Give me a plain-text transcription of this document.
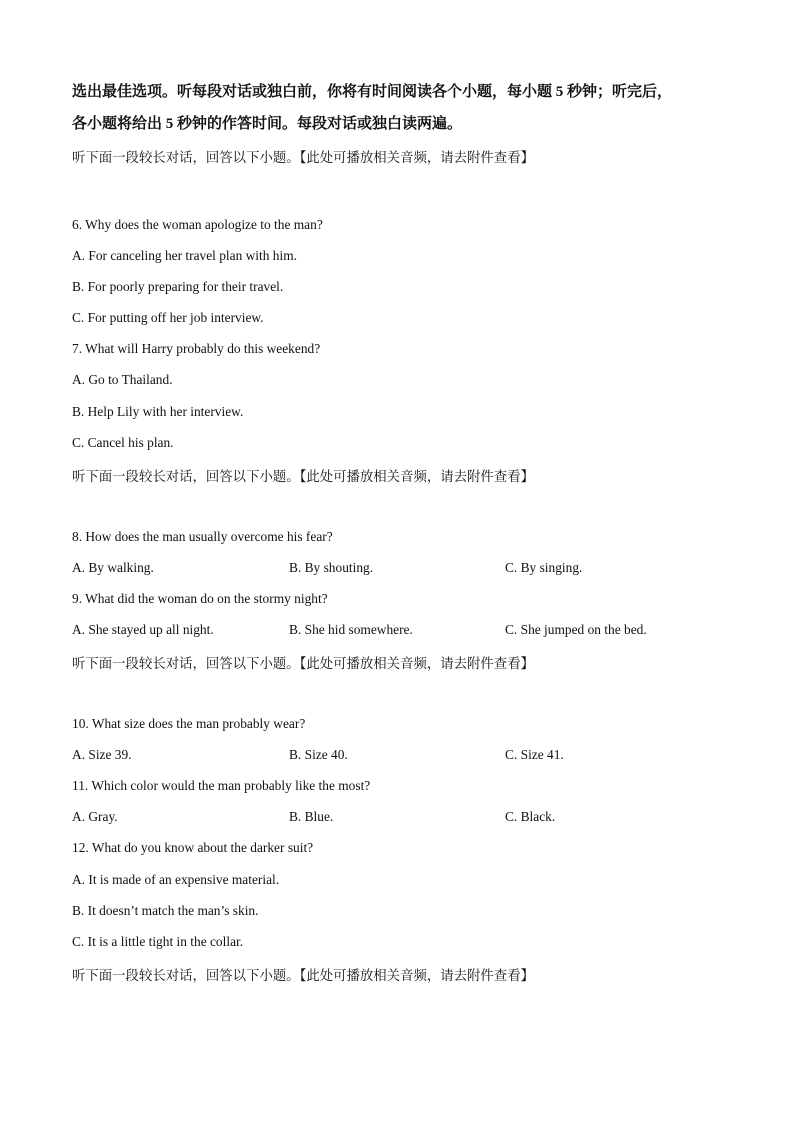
选出最佳选项。听每段对话或独白前，你将有时间阅读各个小题，每小题 5 秒钟；听完后，
各小题将给出 5 秒钟的作答时间。每段对话或独白读两遍。
听下面一段较长对话，回答以下小题。【此处可播放相关音频，请去附件查看】
6. Why does the woman apologize to the man?
A. For canceling her travel plan with him.
B. For poorly preparing for their travel.
C. For putting off her job interview.
7. What will Harry probably do this weekend?
A. Go to Thailand.
B. Help Lily with her interview.
C. Cancel his plan.
听下面一段较长对话，回答以下小题。【此处可播放相关音频，请去附件查看】
8. How does the man usually overcome his fear?
A. By walking.	B. By shouting.	C. By singing.
9. What did the woman do on the stormy night?
A. She stayed up all night.	B. She hid somewhere.	C. She jumped on the bed.
听下面一段较长对话，回答以下小题。【此处可播放相关音频，请去附件查看】
10. What size does the man probably wear?
A. Size 39.	B. Size 40.	C. Size 41.
11. Which color would the man probably like the most?
A. Gray.	B. Blue.	C. Black.
12. What do you know about the darker suit?
A. It is made of an expensive material.
B. It doesn’t match the man’s skin.
C. It is a little tight in the collar.
听下面一段较长对话，回答以下小题。【此处可播放相关音频，请去附件查看】
